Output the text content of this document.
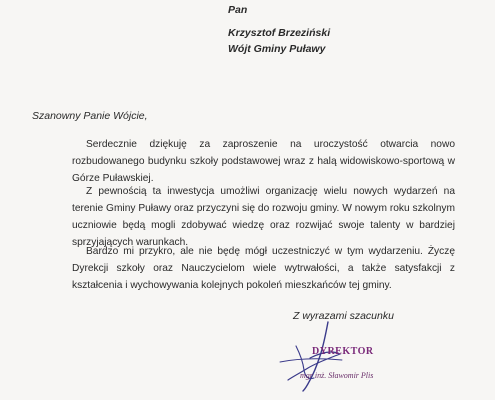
Pan
Krzysztof Brzeziński
Wójt Gminy Puławy
Szanowny Panie Wójcie,
Serdecznie dziękuję za zaproszenie na uroczystość otwarcia nowo rozbudowanego budynku szkoły podstawowej wraz z halą widowiskowo-sportową w Górze Puławskiej.
Z pewnością ta inwestycja umożliwi organizację wielu nowych wydarzeń na terenie Gminy Puławy oraz przyczyni się do rozwoju gminy. W nowym roku szkolnym uczniowie będą mogli zdobywać wiedzę oraz rozwijać swoje talenty w bardziej sprzyjających warunkach.
Bardzo mi przykro, ale nie będę mógł uczestniczyć w tym wydarzeniu. Życzę Dyrekcji szkoły oraz Nauczycielom wiele wytrwałości, a także satysfakcji z kształcenia i wychowywania kolejnych pokoleń mieszkańców tej gminy.
Z wyrazami szacunku
DYREKTOR
mgr inż. Sławomir Plis
